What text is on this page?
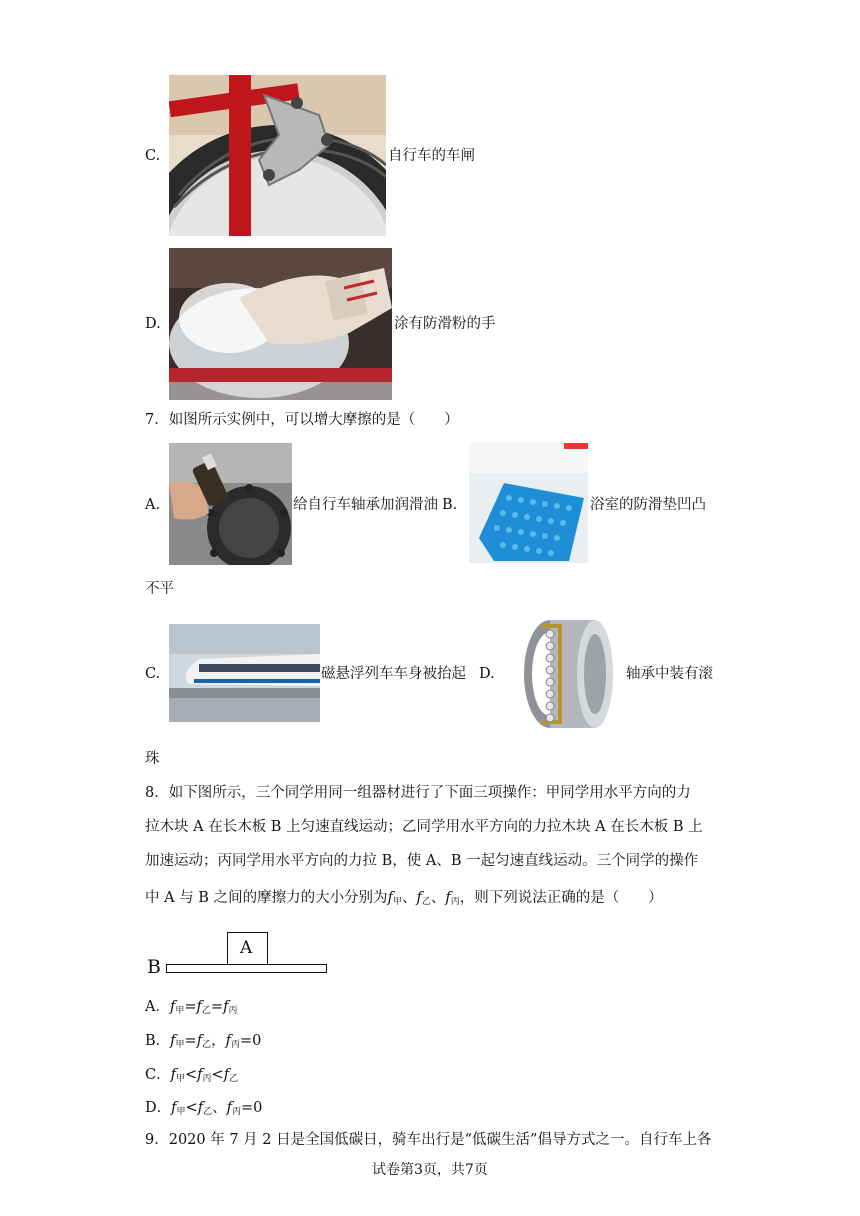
C.	自行车的车闸
D.	涂有防滑粉的手
7．如图所示实例中，可以增大摩擦的是（　　）
A.	给自行车轴承加润滑油 B.	浴室的防滑垫凹凸
不平
C.	磁悬浮列车车身被抬起 D.	轴承中装有滚
珠
8．如下图所示，三个同学用同一组器材进行了下面三项操作：甲同学用水平方向的力
拉木块 A 在长木板 B 上匀速直线运动；乙同学用水平方向的力拉木块 A 在长木板 B 上
加速运动；丙同学用水平方向的力拉 B，使 A、B 一起匀速直线运动。三个同学的操作
中 A 与 B 之间的摩擦力的大小分别为$f_甲$、$f_乙$、$f_丙$，则下列说法正确的是（　　）
B
A
A．$f_甲=f_乙=f_丙$
B．$f_甲=f_乙$，$f_丙=0$
C．$f_甲<f_丙<f_乙$
D．$f_甲<f_乙$、$f_丙=0$
9．2020 年 7 月 2 日是全国低碳日，骑车出行是“低碳生活”倡导方式之一。自行车上各
试卷第3页，共7页
